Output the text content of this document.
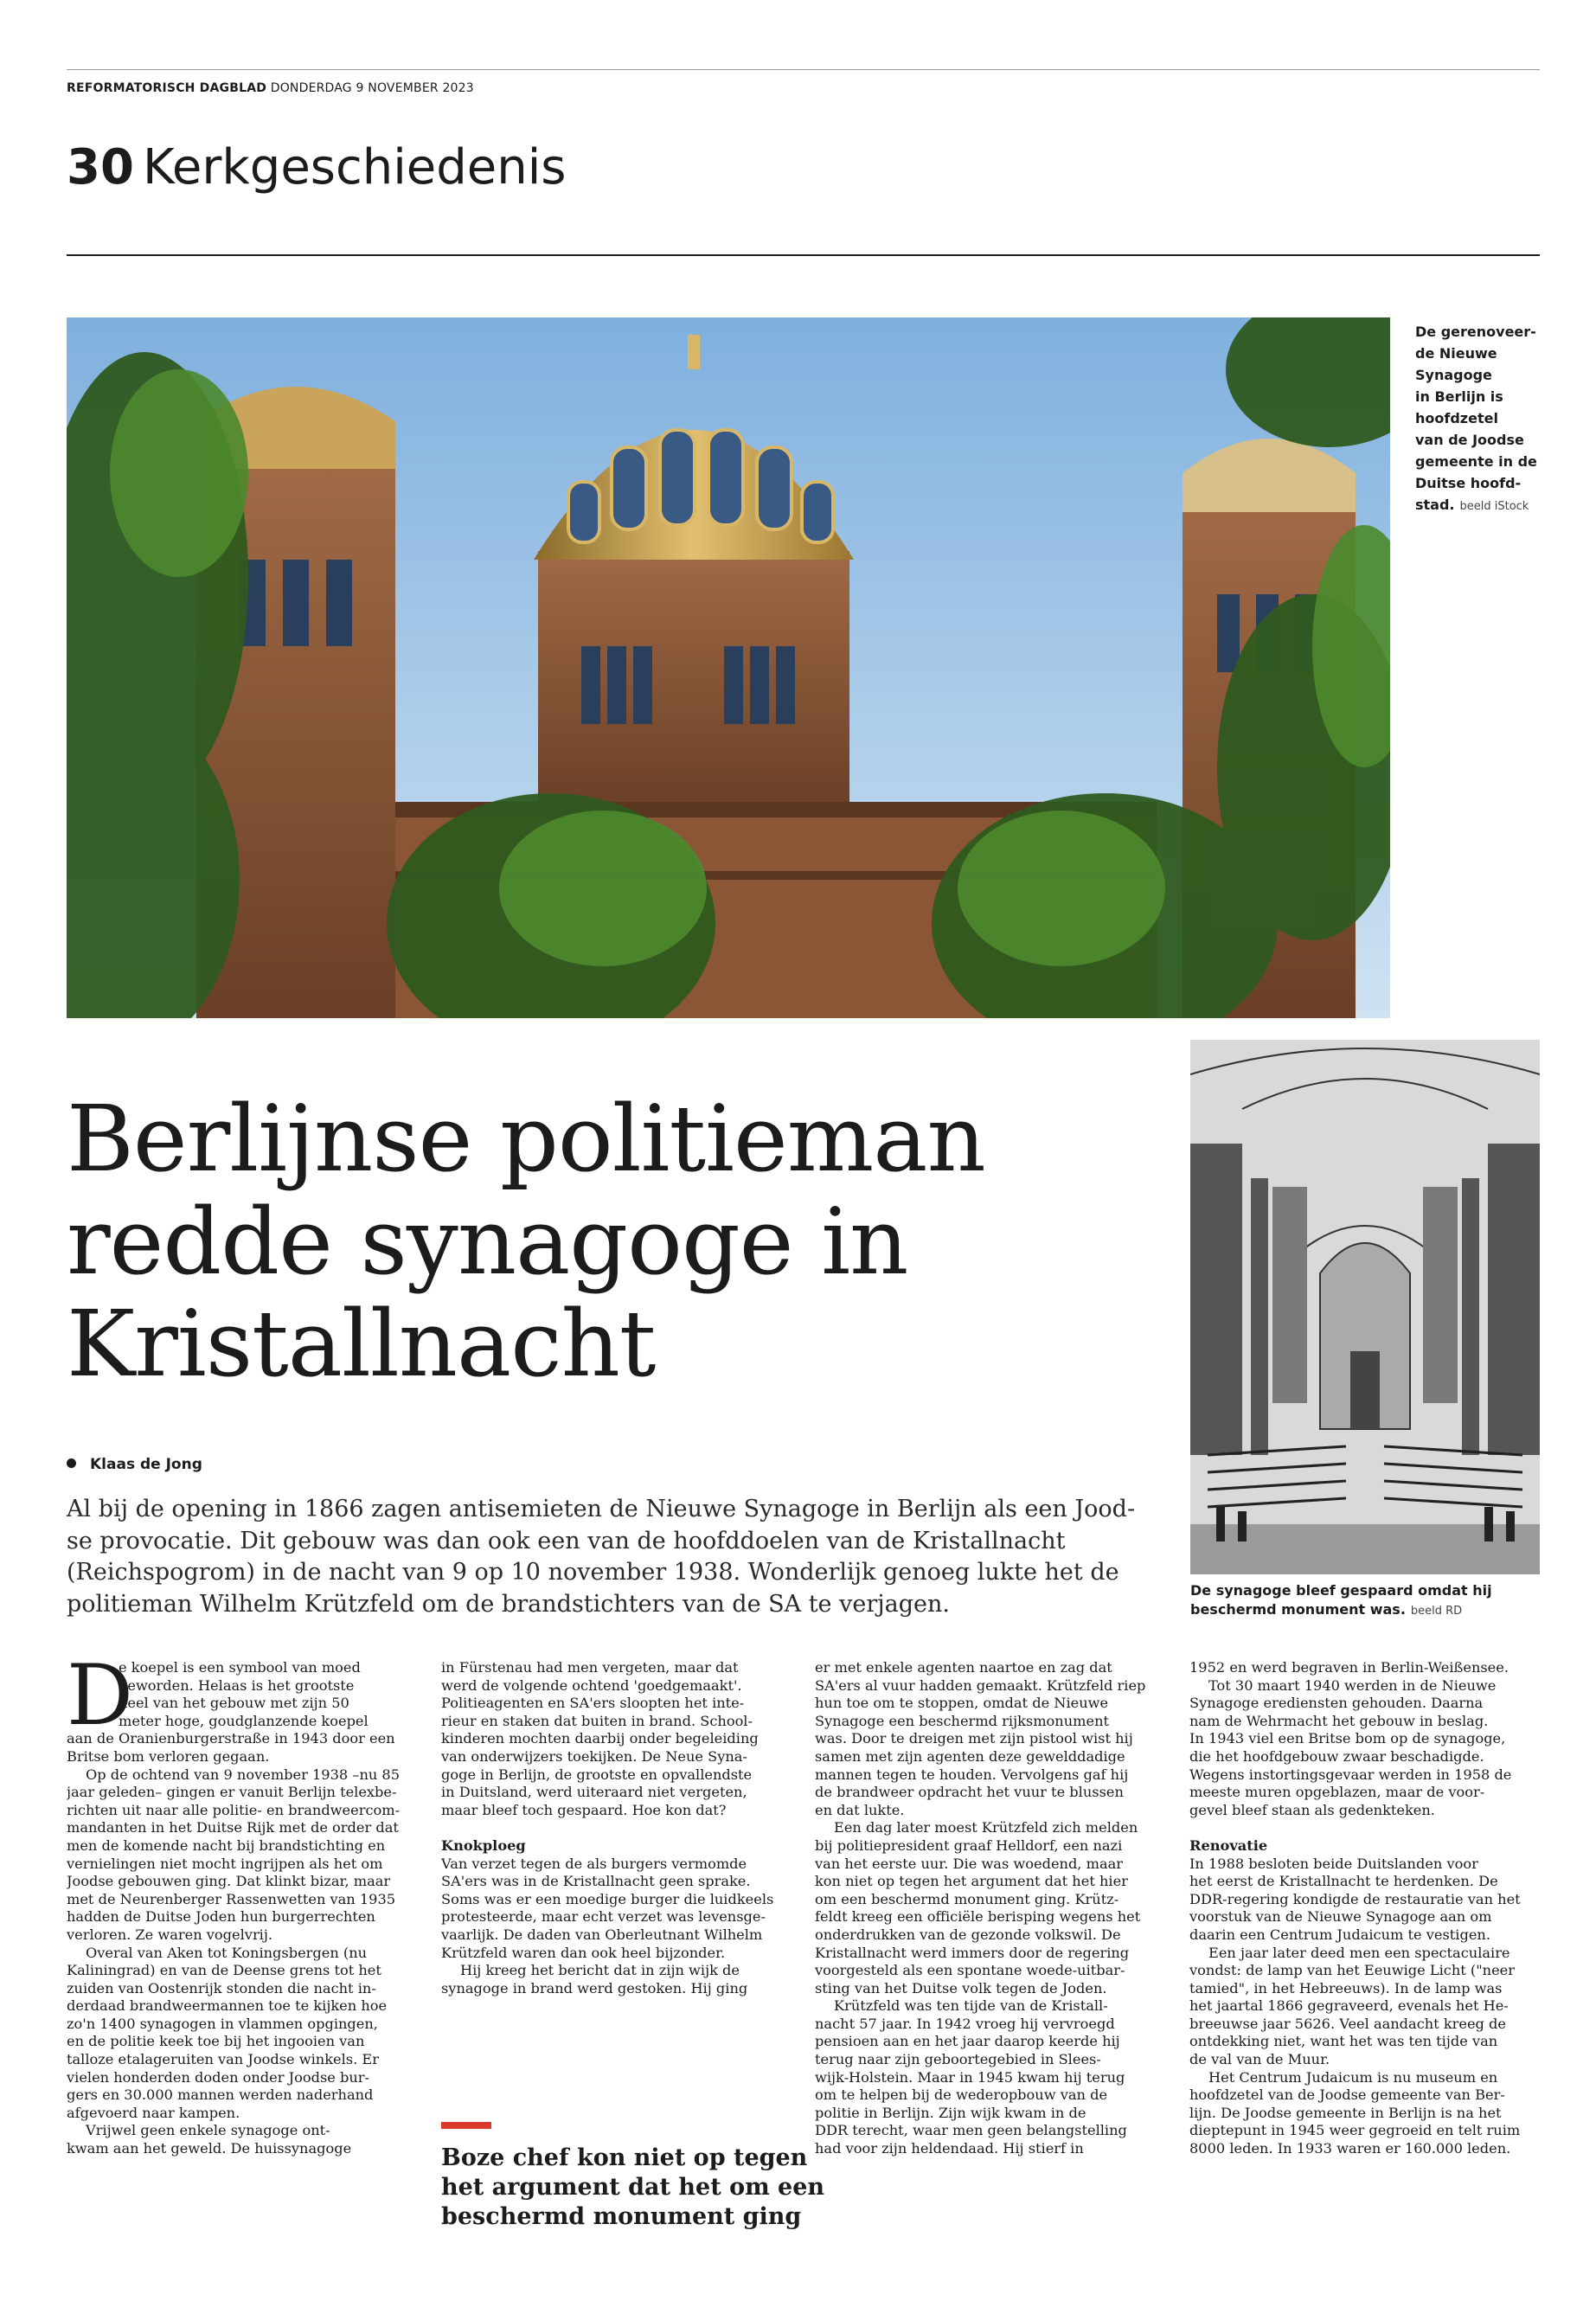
REFORMATORISCH DAGBLAD DONDERDAG 9 NOVEMBER 2023
30 Kerkgeschiedenis
De gerenoveer-
de Nieuwe
Synagoge
in Berlijn is
hoofdzetel
van de Joodse
gemeente in de
Duitse hoofd-
stad. beeld iStock
De synagoge bleef gespaard omdat hij
beschermd monument was. beeld RD
Berlijnse politieman
redde synagoge in
Kristallnacht
Klaas de Jong
Al bij de opening in 1866 zagen antisemieten de Nieuwe Synagoge in Berlijn als een Jood-
se provocatie. Dit gebouw was dan ook een van de hoofddoelen van de Kristallnacht
(Reichspogrom) in de nacht van 9 op 10 november 1938. Wonderlijk genoeg lukte het de
politieman Wilhelm Krützfeld om de brandstichters van de SA te verjagen.
D
e koepel is een symbool van moed
geworden. Helaas is het grootste
deel van het gebouw met zijn 50
meter hoge, goudglanzende koepel
aan de Oranienburgerstraße in 1943 door een
Britse bom verloren gegaan.
Op de ochtend van 9 november 1938 –nu 85
jaar geleden– gingen er vanuit Berlijn telexbe-
richten uit naar alle politie- en brandweercom-
mandanten in het Duitse Rijk met de order dat
men de komende nacht bij brandstichting en
vernielingen niet mocht ingrijpen als het om
Joodse gebouwen ging. Dat klinkt bizar, maar
met de Neurenberger Rassenwetten van 1935
hadden de Duitse Joden hun burgerrechten
verloren. Ze waren vogelvrij.
Overal van Aken tot Koningsbergen (nu
Kaliningrad) en van de Deense grens tot het
zuiden van Oostenrijk stonden die nacht in-
derdaad brandweermannen toe te kijken hoe
zo'n 1400 synagogen in vlammen opgingen,
en de politie keek toe bij het ingooien van
talloze etalageruiten van Joodse winkels. Er
vielen honderden doden onder Joodse bur-
gers en 30.000 mannen werden naderhand
afgevoerd naar kampen.
Vrijwel geen enkele synagoge ont-
kwam aan het geweld. De huissynagoge
in Fürstenau had men vergeten, maar dat
werd de volgende ochtend 'goedgemaakt'.
Politieagenten en SA'ers sloopten het inte-
rieur en staken dat buiten in brand. School-
kinderen mochten daarbij onder begeleiding
van onderwijzers toekijken. De Neue Syna-
goge in Berlijn, de grootste en opvallendste
in Duitsland, werd uiteraard niet vergeten,
maar bleef toch gespaard. Hoe kon dat?

Knokploeg
Van verzet tegen de als burgers vermomde
SA'ers was in de Kristallnacht geen sprake.
Soms was er een moedige burger die luidkeels
protesteerde, maar echt verzet was levensge-
vaarlijk. De daden van Oberleutnant Wilhelm
Krützfeld waren dan ook heel bijzonder.
Hij kreeg het bericht dat in zijn wijk de
synagoge in brand werd gestoken. Hij ging
er met enkele agenten naartoe en zag dat
SA'ers al vuur hadden gemaakt. Krützfeld riep
hun toe om te stoppen, omdat de Nieuwe
Synagoge een beschermd rijksmonument
was. Door te dreigen met zijn pistool wist hij
samen met zijn agenten deze gewelddadige
mannen tegen te houden. Vervolgens gaf hij
de brandweer opdracht het vuur te blussen
en dat lukte.
Een dag later moest Krützfeld zich melden
bij politiepresident graaf Helldorf, een nazi
van het eerste uur. Die was woedend, maar
kon niet op tegen het argument dat het hier
om een beschermd monument ging. Krütz-
feldt kreeg een officiële berisping wegens het
onderdrukken van de gezonde volkswil. De
Kristallnacht werd immers door de regering
voorgesteld als een spontane woede-uitbar-
sting van het Duitse volk tegen de Joden.
Krützfeld was ten tijde van de Kristall-
nacht 57 jaar. In 1942 vroeg hij vervroegd
pensioen aan en het jaar daarop keerde hij
terug naar zijn geboortegebied in Slees-
wijk-Holstein. Maar in 1945 kwam hij terug
om te helpen bij de wederopbouw van de
politie in Berlijn. Zijn wijk kwam in de
DDR terecht, waar men geen belangstelling
had voor zijn heldendaad. Hij stierf in
1952 en werd begraven in Berlin-Weißensee.
Tot 30 maart 1940 werden in de Nieuwe
Synagoge erediensten gehouden. Daarna
nam de Wehrmacht het gebouw in beslag.
In 1943 viel een Britse bom op de synagoge,
die het hoofdgebouw zwaar beschadigde.
Wegens instortingsgevaar werden in 1958 de
meeste muren opgeblazen, maar de voor-
gevel bleef staan als gedenkteken.

Renovatie
In 1988 besloten beide Duitslanden voor
het eerst de Kristallnacht te herdenken. De
DDR-regering kondigde de restauratie van het
voorstuk van de Nieuwe Synagoge aan om
daarin een Centrum Judaicum te vestigen.
Een jaar later deed men een spectaculaire
vondst: de lamp van het Eeuwige Licht ("neer
tamied", in het Hebreeuws). In de lamp was
het jaartal 1866 gegraveerd, evenals het He-
breeuwse jaar 5626. Veel aandacht kreeg de
ontdekking niet, want het was ten tijde van
de val van de Muur.
Het Centrum Judaicum is nu museum en
hoofdzetel van de Joodse gemeente van Ber-
lijn. De Joodse gemeente in Berlijn is na het
dieptepunt in 1945 weer gegroeid en telt ruim
8000 leden. In 1933 waren er 160.000 leden.
Boze chef kon niet op tegen
het argument dat het om een
beschermd monument ging
